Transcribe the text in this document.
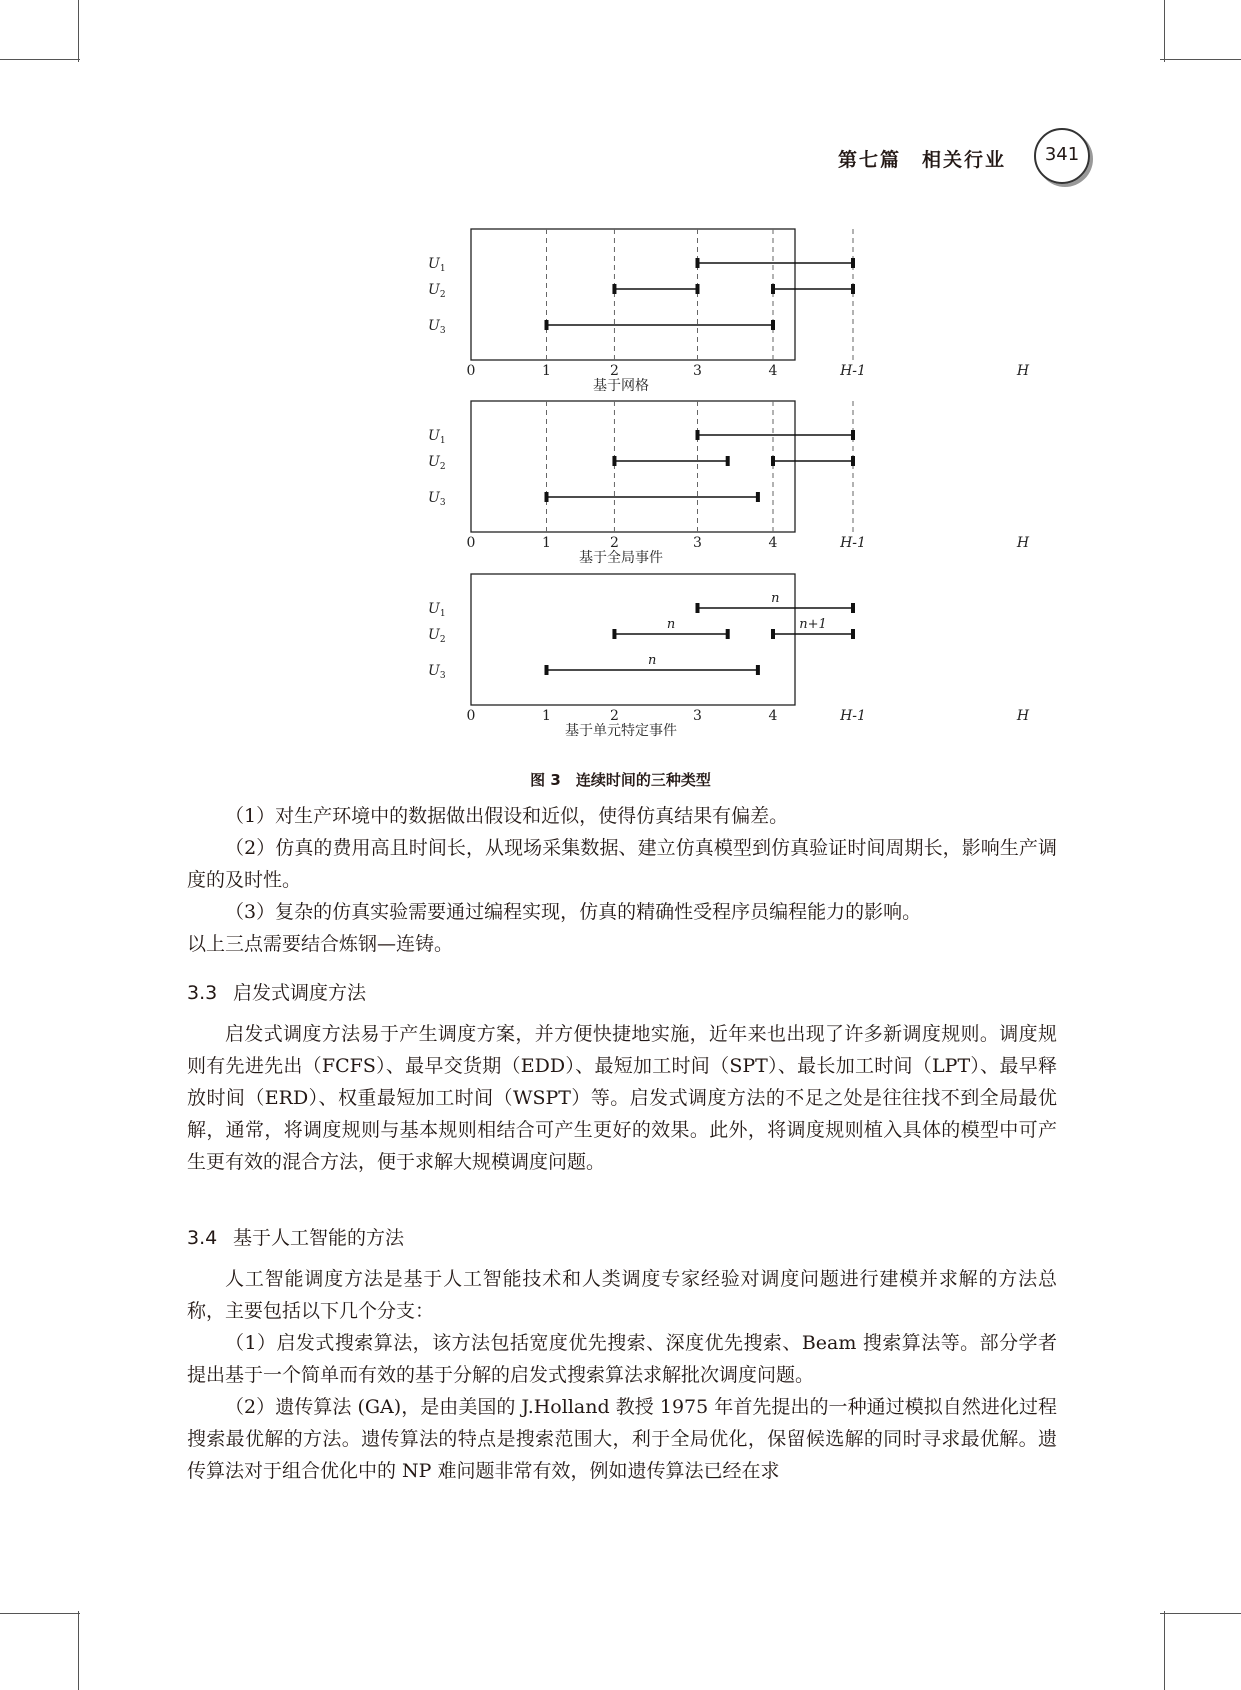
第七篇　相关行业	341
$U_1$
$U_2$
$U_3$
0	1	2	3	4	H-1	H
基于网格
$U_1$
$U_2$
$U_3$
0	1	2	3	4	H-1	H
基于全局事件
$U_1$
n
$U_2$
n	n+1
$U_3$
n
0	1	2	3	4	H-1	H
基于单元特定事件
图 3　连续时间的三种类型

（1）对生产环境中的数据做出假设和近似，使得仿真结果有偏差。

（2）仿真的费用高且时间长，从现场采集数据、建立仿真模型到仿真验证时间周期长，影响生产调度的及时性。

（3）复杂的仿真实验需要通过编程实现，仿真的精确性受程序员编程能力的影响。

以上三点需要结合炼钢—连铸。

3.3 启发式调度方法

启发式调度方法易于产生调度方案，并方便快捷地实施，近年来也出现了许多新调度规则。调度规则有先进先出（FCFS）、最早交货期（EDD）、最短加工时间（SPT）、最长加工时间（LPT）、最早释放时间（ERD）、权重最短加工时间（WSPT）等。启发式调度方法的不足之处是往往找不到全局最优解，通常，将调度规则与基本规则相结合可产生更好的效果。此外，将调度规则植入具体的模型中可产生更有效的混合方法，便于求解大规模调度问题。

3.4 基于人工智能的方法

人工智能调度方法是基于人工智能技术和人类调度专家经验对调度问题进行建模并求解的方法总称，主要包括以下几个分支：

（1）启发式搜索算法，该方法包括宽度优先搜索、深度优先搜索、Beam 搜索算法等。部分学者提出基于一个简单而有效的基于分解的启发式搜索算法求解批次调度问题。

（2）遗传算法 (GA)，是由美国的 J.Holland 教授 1975 年首先提出的一种通过模拟自然进化过程搜索最优解的方法。遗传算法的特点是搜索范围大，利于全局优化，保留候选解的同时寻求最优解。遗传算法对于组合优化中的 NP 难问题非常有效，例如遗传算法已经在求
